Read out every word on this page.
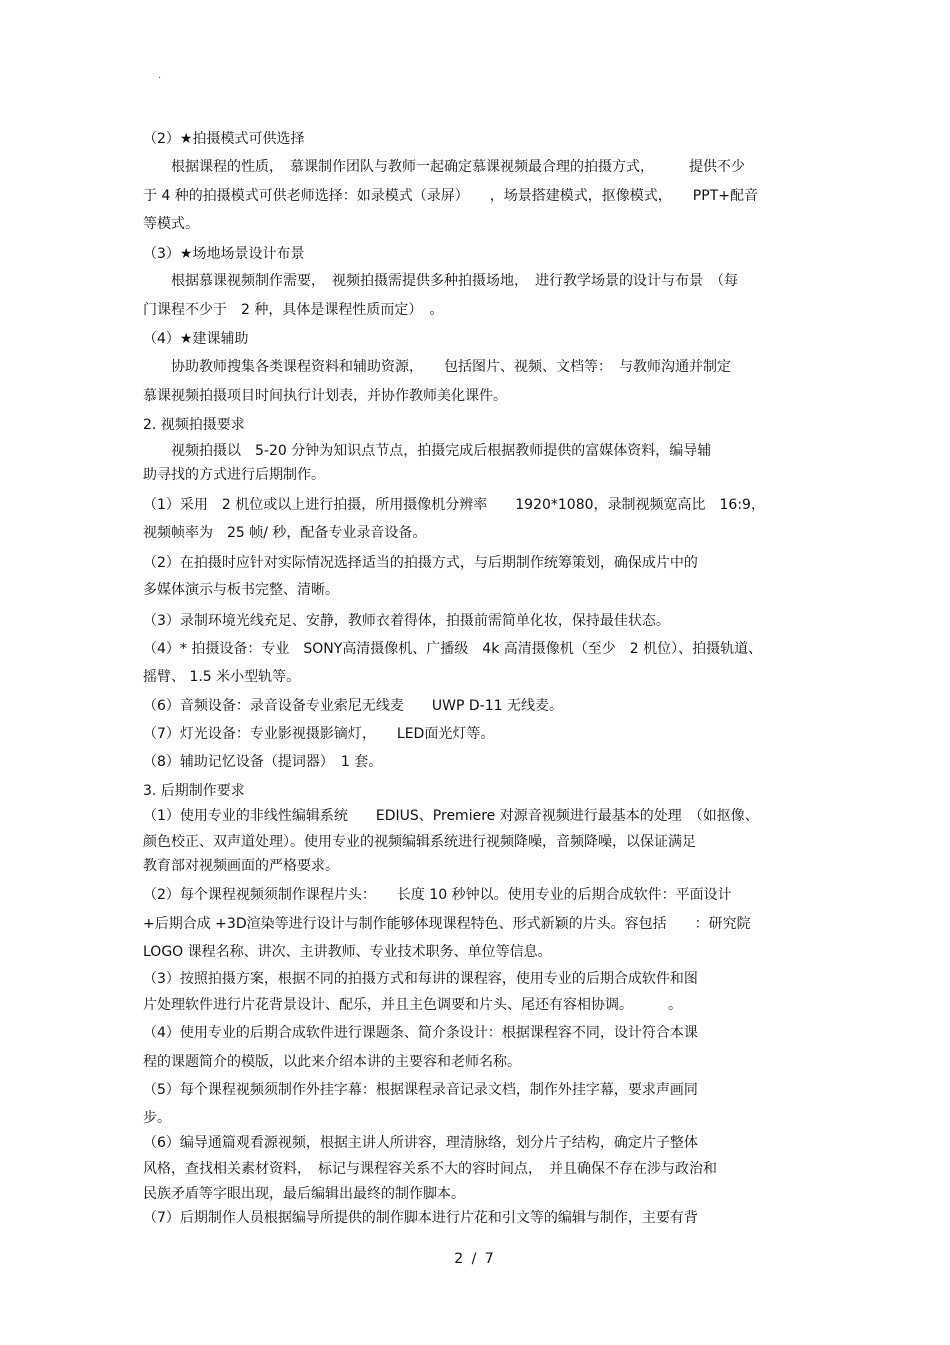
.
（2）★拍摄模式可供选择
　　根据课程的性质，　慕课制作团队与教师一起确定慕课视频最合理的拍摄方式，　　　提供不少
于 4 种的拍摄模式可供老师选择：如录模式（录屏）　　，场景搭建模式，抠像模式，　　PPT+配音
等模式。
（3）★场地场景设计布景
　　根据慕课视频制作需要，　视频拍摄需提供多种拍摄场地，　进行教学场景的设计与布景　（每
门课程不少于　2 种，具体是课程性质而定）　。
（4）★建课辅助
　　协助教师搜集各类课程资料和辅助资源，　　包括图片、视频、文档等：　与教师沟通并制定
慕课视频拍摄项目时间执行计划表，并协作教师美化课件。
2. 视频拍摄要求
　　视频拍摄以　5-20 分钟为知识点节点，拍摄完成后根据教师提供的富媒体资料，编导辅
助寻找的方式进行后期制作。
（1）采用　2 机位或以上进行拍摄，所用摄像机分辨率　　1920*1080，录制视频宽高比　16:9，
视频帧率为　25 帧/ 秒，配备专业录音设备。
（2）在拍摄时应针对实际情况选择适当的拍摄方式，与后期制作统筹策划，确保成片中的
多媒体演示与板书完整、清晰。
（3）录制环境光线充足、安静，教师衣着得体，拍摄前需简单化妆，保持最佳状态。
（4）* 拍摄设备：专业　SONY高清摄像机、广播级　4k 高清摄像机（至少　2 机位）、拍摄轨道、
摇臂、 1.5 米小型轨等。
（6）音频设备：录音设备专业索尼无线麦　　UWP D-11 无线麦。
（7）灯光设备：专业影视摄影镝灯，　　LED面光灯等。
（8）辅助记忆设备（提词器）　1 套。
3. 后期制作要求
（1）使用专业的非线性编辑系统　　EDIUS、Premiere 对源音视频进行最基本的处理　（如抠像、
颜色校正、双声道处理）。使用专业的视频编辑系统进行视频降噪，音频降噪，以保证满足
教育部对视频画面的严格要求。
（2）每个课程视频须制作课程片头：　　长度 10 秒钟以。使用专业的后期合成软件：平面设计
+后期合成 +3D渲染等进行设计与制作能够体现课程特色、形式新颖的片头。容包括　　：研究院
LOGO 课程名称、讲次、主讲教师、专业技术职务、单位等信息。
（3）按照拍摄方案，根据不同的拍摄方式和每讲的课程容，使用专业的后期合成软件和图
片处理软件进行片花背景设计、配乐，并且主色调要和片头、尾还有容相协调。　　　。
（4）使用专业的后期合成软件进行课题条、简介条设计：根据课程容不同，设计符合本课
程的课题简介的模版，以此来介绍本讲的主要容和老师名称。
（5）每个课程视频须制作外挂字幕：根据课程录音记录文档，制作外挂字幕，要求声画同
步。
（6）编导通篇观看源视频，根据主讲人所讲容，理清脉络，划分片子结构，确定片子整体
风格，查找相关素材资料，　标记与课程容关系不大的容时间点，　并且确保不存在涉与政治和
民族矛盾等字眼出现，最后编辑出最终的制作脚本。
（7）后期制作人员根据编导所提供的制作脚本进行片花和引文等的编辑与制作，主要有背
2 / 7
